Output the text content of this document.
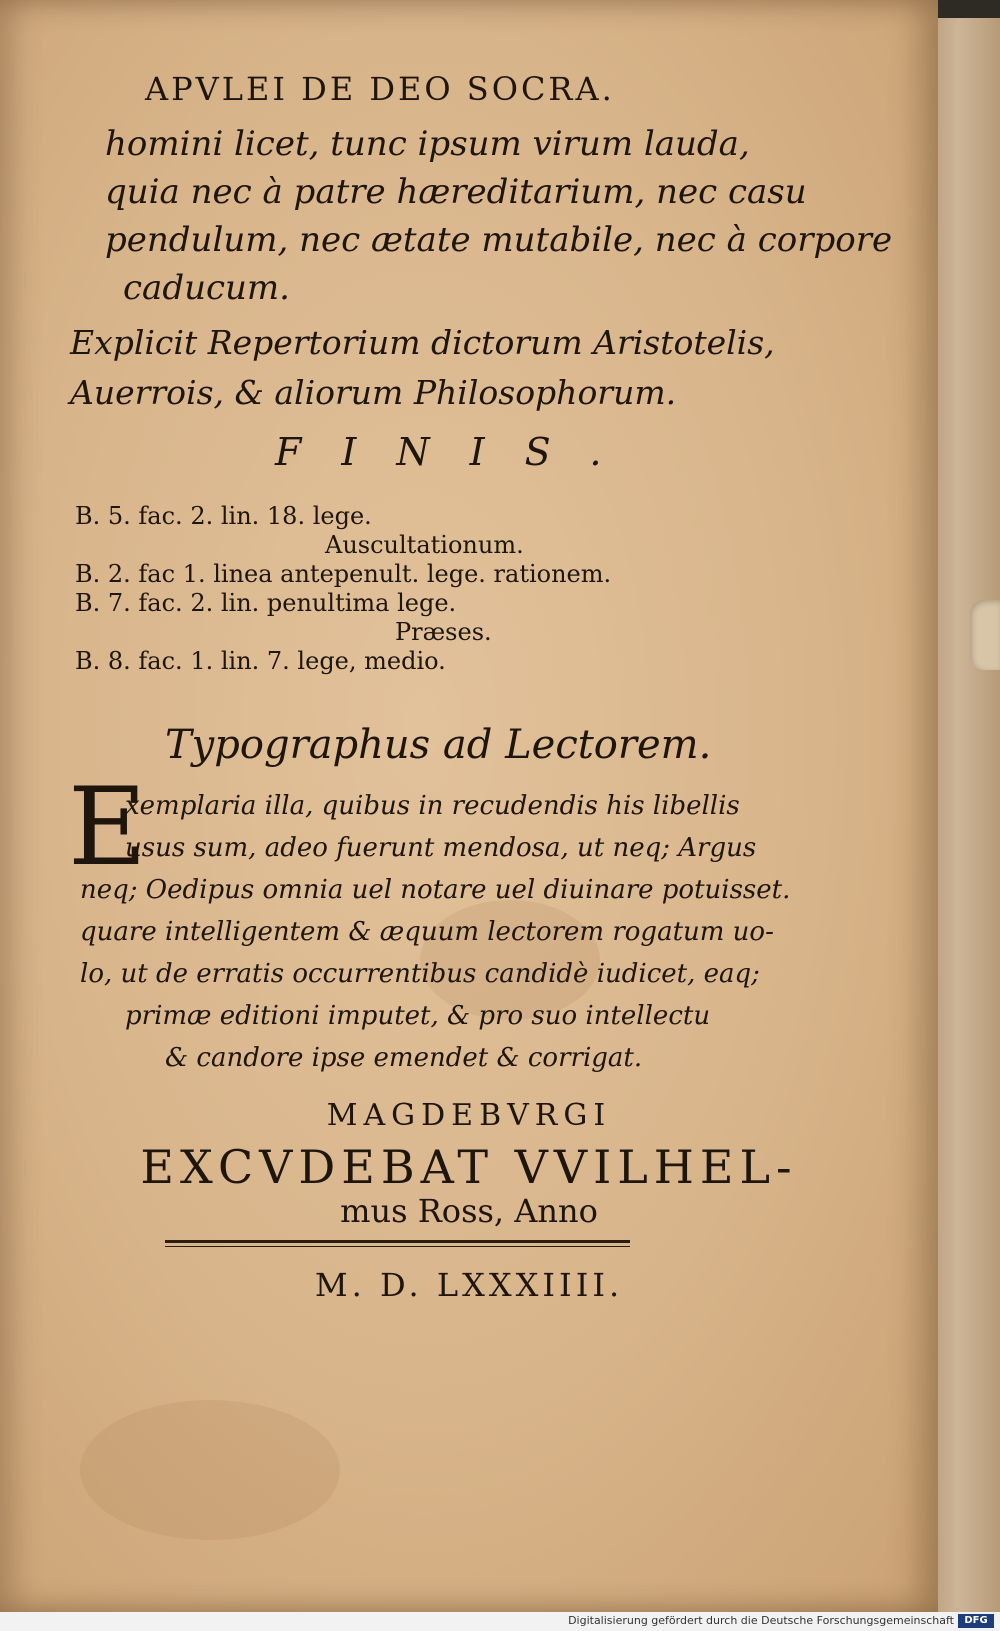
APVLEI DE DEO SOCRA.
homini licet, tunc ipsum virum lauda,
quia nec à patre hæreditarium, nec casu
pendulum, nec ætate mutabile, nec à corpore
caducum.
Explicit Repertorium dictorum Aristotelis,
Auerrois, & aliorum Philosophorum.
FINIS.
B. 5. fac. 2. lin. 18. lege.
Auscultationum.
B. 2. fac 1. linea antepenult. lege. rationem.
B. 7. fac. 2. lin. penultima lege.
Præses.
B. 8. fac. 1. lin. 7. lege, medio.
Typographus ad Lectorem.
E
xemplaria illa, quibus in recudendis his libellis
usus sum, adeo fuerunt mendosa, ut neq; Argus
neq; Oedipus omnia uel notare uel diuinare potuisset.
quare intelligentem & æquum lectorem rogatum uo-
lo, ut de erratis occurrentibus candidè iudicet, eaq;
primæ editioni imputet, & pro suo intellectu
& candore ipse emendet & corrigat.
MAGDEBVRGI
EXCVDEBAT VVILHEL-
mus Ross, Anno
M. D. LXXXIIII.
Digitalisierung gefördert durch die Deutsche Forschungsgemeinschaft	DFG
